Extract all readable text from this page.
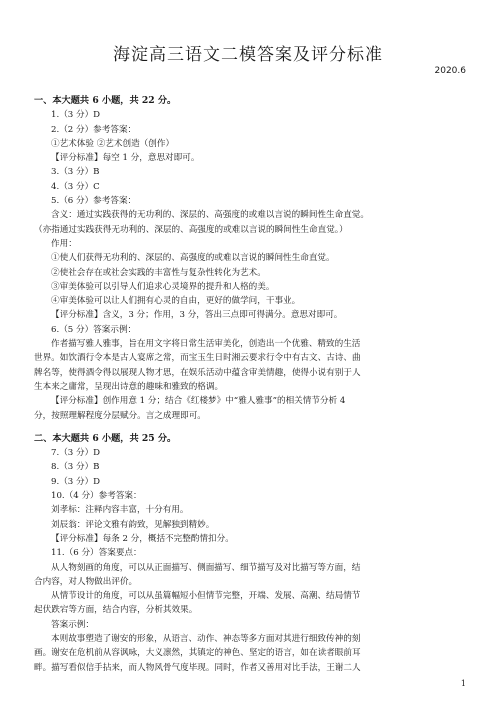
海淀高三语文二模答案及评分标准
2020.6
一、本大题共 6 小题，共 22 分。
1.（3 分）D
2.（2 分）参考答案：
①艺术体验 ②艺术创造（创作）
【评分标准】每空 1 分，意思对即可。
3.（3 分）B
4.（3 分）C
5.（6 分）参考答案：
含义：通过实践获得的无功利的、深层的、高强度的或难以言说的瞬间性生命直觉。
（亦指通过实践获得无功利的、深层的、高强度的或难以言说的瞬间性生命直觉。）
作用：
①使人们获得无功利的、深层的、高强度的或难以言说的瞬间性生命直觉。
②使社会存在或社会实践的丰富性与复杂性转化为艺术。
③审美体验可以引导人们追求心灵境界的提升和人格的美。
④审美体验可以让人们拥有心灵的自由，更好的做学问，干事业。
【评分标准】含义，3 分；作用，3 分，答出三点即可得满分。意思对即可。
6.（5 分）答案示例：
作者描写雅人雅事，旨在用文字将日常生活审美化，创造出一个优雅、精致的生活
世界。如饮酒行令本是古人宴席之常，而宝玉生日时湘云要求行令中有古文、古诗、曲
牌名等，使得酒令得以展现人物才思，在娱乐活动中蕴含审美情趣，使得小说有别于人
生本来之庸常，呈现出诗意的趣味和雅致的格调。
【评分标准】创作用意 1 分；结合《红楼梦》中“雅人雅事”的相关情节分析 4
分，按照理解程度分层赋分。言之成理即可。
二、本大题共 6 小题，共 25 分。
7.（3 分）D
8.（3 分）B
9.（3 分）D
10.（4 分）参考答案：
刘孝标：注释内容丰富，十分有用。
刘辰翁：评论文雅有韵致，见解独到精妙。
【评分标准】每条 2 分，概括不完整酌情扣分。
11.（6 分）答案要点：
从人物刻画的角度，可以从正面描写、侧面描写、细节描写及对比描写等方面，结
合内容，对人物做出评价。
从情节设计的角度，可以从虽篇幅短小但情节完整，开端、发展、高潮、结局情节
起伏跌宕等方面，结合内容，分析其效果。
答案示例：
本则故事塑造了谢安的形象，从语言、动作、神态等多方面对其进行细致传神的刻
画。谢安在危机前从容讽咏，大义凛然，其镇定的神色、坚定的语言，如在读者眼前耳
畔。描写看似信手拈来，而人物风骨气度毕现。同时，作者又善用对比手法，王谢二人
1
